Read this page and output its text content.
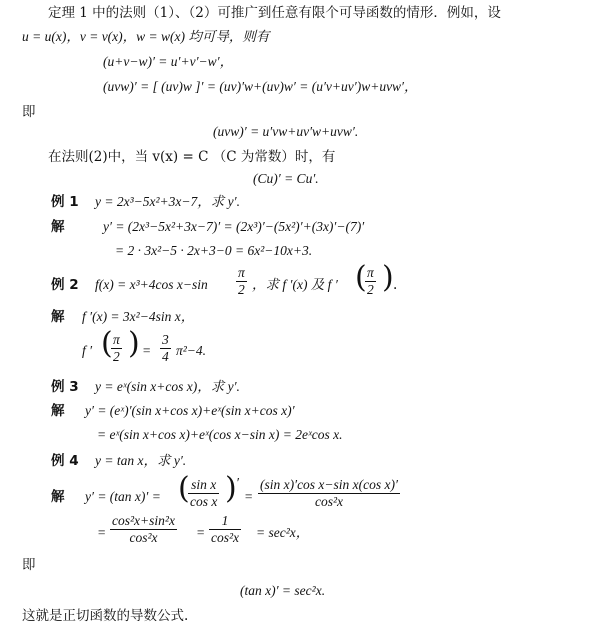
定理 1 中的法则（1）、（2）可推广到任意有限个可导函数的情形．例如，设
u = u(x)，v = v(x)，w = w(x) 均可导，则有
(u+v−w)′ = u′+v′−w′，
(uvw)′ = [ (uv)w ]′ = (uv)′w+(uv)w′ = (u′v+uv′)w+uvw′，
即
(uvw)′ = u′vw+uv′w+uvw′.
在法则(2)中，当 v(x) = C （C 为常数）时，有
(Cu)′ = Cu′.
例 1 y = 2x³−5x²+3x−7，求 y′.
解	y′ = (2x³−5x²+3x−7)′ = (2x³)′−(5x²)′+(3x)′−(7)′
= 2 · 3x²−5 · 2x+3−0 = 6x²−10x+3.
例 2 f(x) = x³+4cos $x-\sin \frac{\pi}{2}$ ，求 f ′(x) 及 f ′ (
$\frac{\pi}{2}$ ) .
解 f ′(x) = 3x²−4sin x，
f ′ (
$\frac{\pi}{2}$ ) = $\frac{3}{4} \pi^2-4$.
例 3 y = eˣ(sin x+cos x)，求 y′.
解 y′ = (eˣ)′(sin x+cos x)+eˣ(sin x+cos x)′
= eˣ(sin x+cos x)+eˣ(cos x−sin x) = 2eˣcos x.
例 4 y = tan x，求 y′.
解 y′ = (tan x)′ = (
$\frac{\text{sin x}}{\text{cos x}}$ ) ′
= $\frac{\text{(sin x)′cos x−sin x(cos x)′}}{\text{cos²x}}$
= $\frac{\text{cos²x+sin²x}}{\text{cos²x}} = \frac{1}{\text{cos²x}} = \sec^2x$，
即
(tan x)′ = sec²x.
这就是正切函数的导数公式.
